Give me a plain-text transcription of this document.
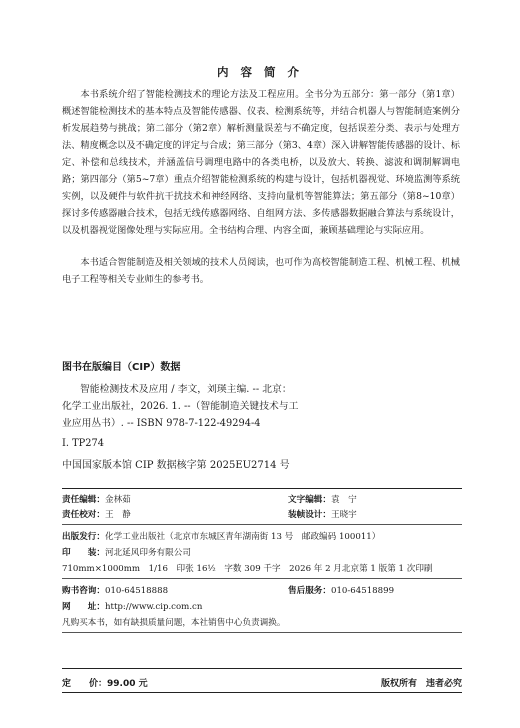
内 容 简 介
本书系统介绍了智能检测技术的理论方法及工程应用。全书分为五部分：第一部分（第1章）概述智能检测技术的基本特点及智能传感器、仪表、检测系统等，并结合机器人与智能制造案例分析发展趋势与挑战；第二部分（第2章）解析测量误差与不确定度，包括误差分类、表示与处理方法、精度概念以及不确定度的评定与合成；第三部分（第3、4章）深入讲解智能传感器的设计、标定、补偿和总线技术，并涵盖信号调理电路中的各类电桥，以及放大、转换、滤波和调制解调电路；第四部分（第5~7章）重点介绍智能检测系统的构建与设计，包括机器视觉、环境监测等系统实例，以及硬件与软件抗干扰技术和神经网络、支持向量机等智能算法；第五部分（第8~10章）探讨多传感器融合技术，包括无线传感器网络、自组网方法、多传感器数据融合算法与系统设计，以及机器视觉图像处理与实际应用。全书结构合理、内容全面，兼顾基础理论与实际应用。
本书适合智能制造及相关领域的技术人员阅读，也可作为高校智能制造工程、机械工程、机械电子工程等相关专业师生的参考书。
图书在版编目（CIP）数据
智能检测技术及应用 / 李文，刘瑛主编. -- 北京：
化学工业出版社，2026. 1. --（智能制造关键技术与工
业应用丛书）. -- ISBN 978-7-122-49294-4
Ⅰ. TP274
中国国家版本馆 CIP 数据核字第 2025EU2714 号
责任编辑：金林茹	文字编辑：袁　宁
责任校对：王　静	装帧设计：王晓宇
出版发行：化学工业出版社（北京市东城区青年湖南街 13 号　邮政编码 100011）
印　　装：河北延风印务有限公司
710mm×1000mm　1/16　印张 16½　字数 309 千字　2026 年 2 月北京第 1 版第 1 次印刷
购书咨询：010-64518888	售后服务：010-64518899
网　　址：http://www.cip.com.cn
凡购买本书，如有缺损质量问题，本社销售中心负责调换。
定　　价：99.00 元	版权所有　违者必究
